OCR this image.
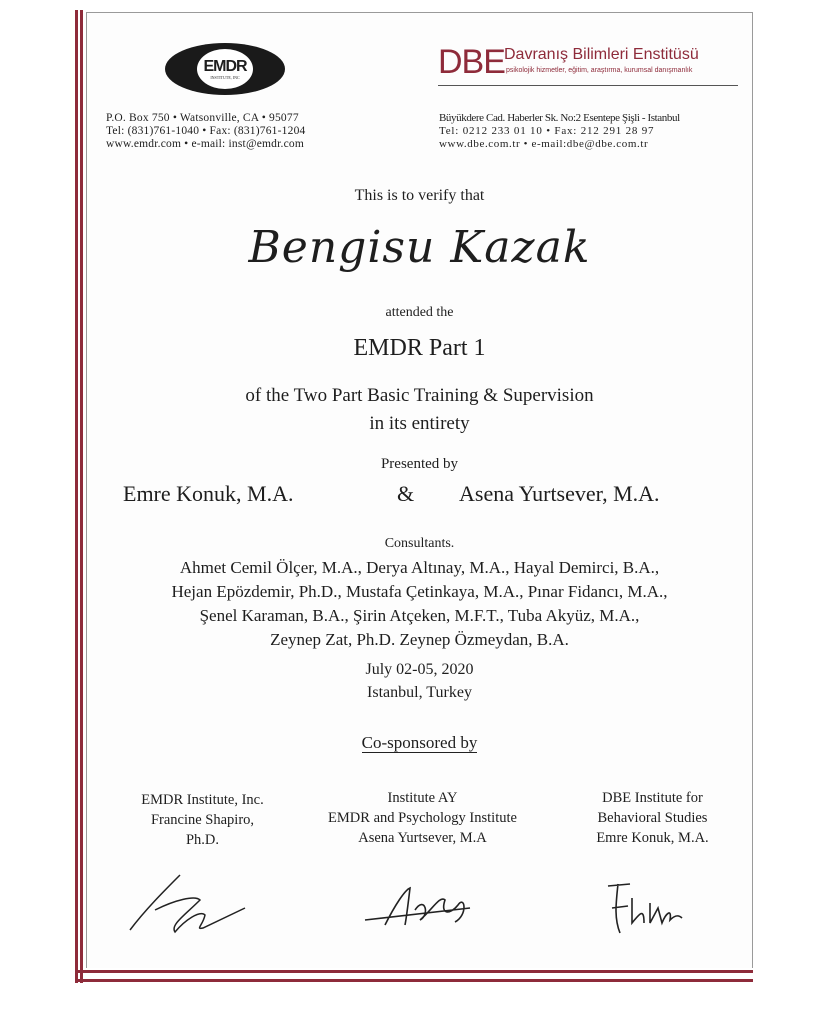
EMDR
INSTITUTE, INC
P.O. Box 750 • Watsonville, CA • 95077
Tel: (831)761-1040 • Fax: (831)761-1204
www.emdr.com • e-mail: inst@emdr.com
DBE Davranış Bilimleri Enstitüsü
psikolojik hizmetler, eğitim, araştırma, kurumsal danışmanlık
Büyükdere Cad. Haberler Sk. No:2 Esentepe Şişli - Istanbul
Tel: 0212 233 01 10 • Fax: 212 291 28 97
www.dbe.com.tr • e-mail:dbe@dbe.com.tr
This is to verify that
Bengisu Kazak
attended the
EMDR Part 1
of the Two Part Basic Training & Supervision
in its entirety
Presented by
Emre Konuk, M.A.	& Asena Yurtsever, M.A.
Consultants.
Ahmet Cemil Ölçer, M.A., Derya Altınay, M.A., Hayal Demirci, B.A.,
Hejan Epözdemir, Ph.D., Mustafa Çetinkaya, M.A., Pınar Fidancı, M.A.,
Şenel Karaman, B.A., Şirin Atçeken, M.F.T., Tuba Akyüz, M.A.,
Zeynep Zat, Ph.D. Zeynep Özmeydan, B.A.
July 02-05, 2020
Istanbul, Turkey
Co-sponsored by
EMDR Institute, Inc.
Francine Shapiro,
Ph.D.
Institute AY
EMDR and Psychology Institute
Asena Yurtsever, M.A
DBE Institute for
Behavioral Studies
Emre Konuk, M.A.
